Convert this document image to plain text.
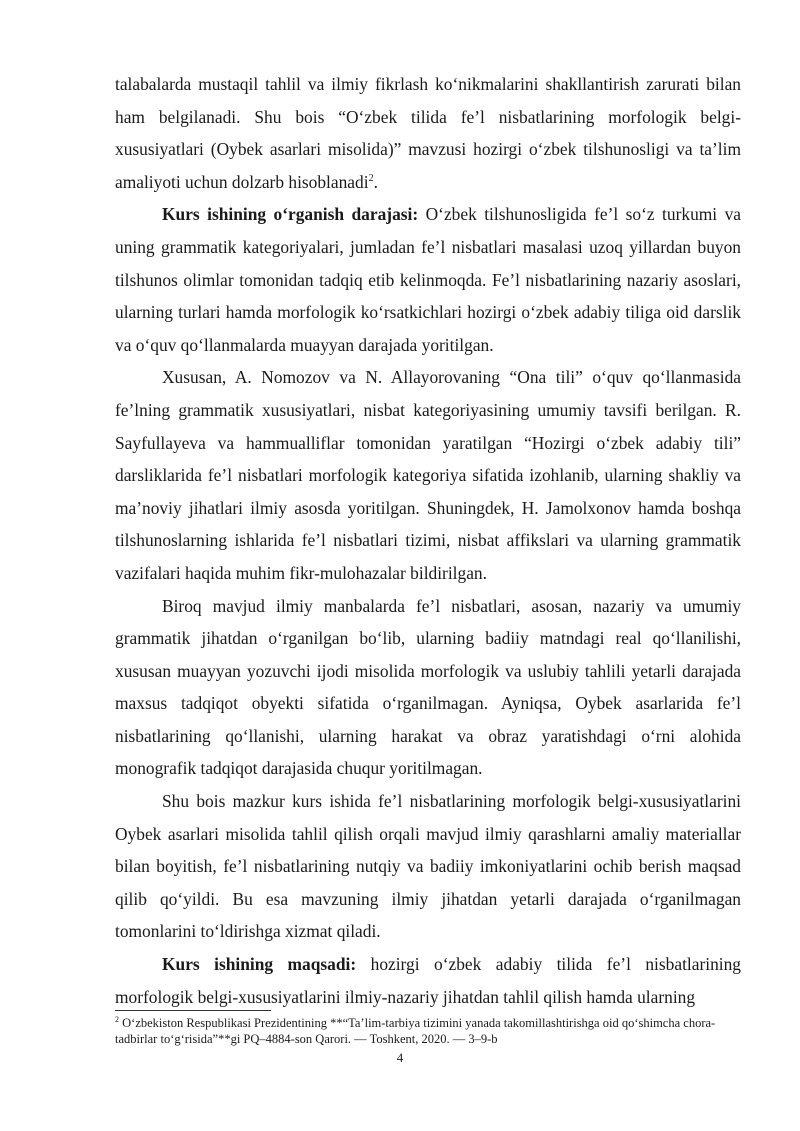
talabalarda mustaqil tahlil va ilmiy fikrlash ko‘nikmalarini shakllantirish zarurati bilan ham belgilanadi. Shu bois “O‘zbek tilida fe’l nisbatlarining morfologik belgi-xususiyatlari (Oybek asarlari misolida)” mavzusi hozirgi o‘zbek tilshunosligi va ta’lim amaliyoti uchun dolzarb hisoblanadi$^2$.

Kurs ishining o‘rganish darajasi: O‘zbek tilshunosligida fe’l so‘z turkumi va uning grammatik kategoriyalari, jumladan fe’l nisbatlari masalasi uzoq yillardan buyon tilshunos olimlar tomonidan tadqiq etib kelinmoqda. Fe’l nisbatlarining nazariy asoslari, ularning turlari hamda morfologik ko‘rsatkichlari hozirgi o‘zbek adabiy tiliga oid darslik va o‘quv qo‘llanmalarda muayyan darajada yoritilgan.

Xususan, A. Nomozov va N. Allayorovaning “Ona tili” o‘quv qo‘llanmasida fe’lning grammatik xususiyatlari, nisbat kategoriyasining umumiy tavsifi berilgan. R. Sayfullayeva va hammualliflar tomonidan yaratilgan “Hozirgi o‘zbek adabiy tili” darsliklarida fe’l nisbatlari morfologik kategoriya sifatida izohlanib, ularning shakliy va ma’noviy jihatlari ilmiy asosda yoritilgan. Shuningdek, H. Jamolxonov hamda boshqa tilshunoslarning ishlarida fe’l nisbatlari tizimi, nisbat affikslari va ularning grammatik vazifalari haqida muhim fikr-mulohazalar bildirilgan.

Biroq mavjud ilmiy manbalarda fe’l nisbatlari, asosan, nazariy va umumiy grammatik jihatdan o‘rganilgan bo‘lib, ularning badiiy matndagi real qo‘llanilishi, xususan muayyan yozuvchi ijodi misolida morfologik va uslubiy tahlili yetarli darajada maxsus tadqiqot obyekti sifatida o‘rganilmagan. Ayniqsa, Oybek asarlarida fe’l nisbatlarining qo‘llanishi, ularning harakat va obraz yaratishdagi o‘rni alohida monografik tadqiqot darajasida chuqur yoritilmagan.

Shu bois mazkur kurs ishida fe’l nisbatlarining morfologik belgi-xususiyatlarini Oybek asarlari misolida tahlil qilish orqali mavjud ilmiy qarashlarni amaliy materiallar bilan boyitish, fe’l nisbatlarining nutqiy va badiiy imkoniyatlarini ochib berish maqsad qilib qo‘yildi. Bu esa mavzuning ilmiy jihatdan yetarli darajada o‘rganilmagan tomonlarini to‘ldirishga xizmat qiladi.

Kurs ishining maqsadi: hozirgi o‘zbek adabiy tilida fe’l nisbatlarining morfologik belgi-xususiyatlarini ilmiy-nazariy jihatdan tahlil qilish hamda ularning

$^2$ O‘zbekiston Respublikasi Prezidentining **“Ta’lim-tarbiya tizimini yanada takomillashtirishga oid qo‘shimcha chora-tadbirlar to‘g‘risida”**gi PQ–4884-son Qarori. — Toshkent, 2020. — 3–9-b
4
